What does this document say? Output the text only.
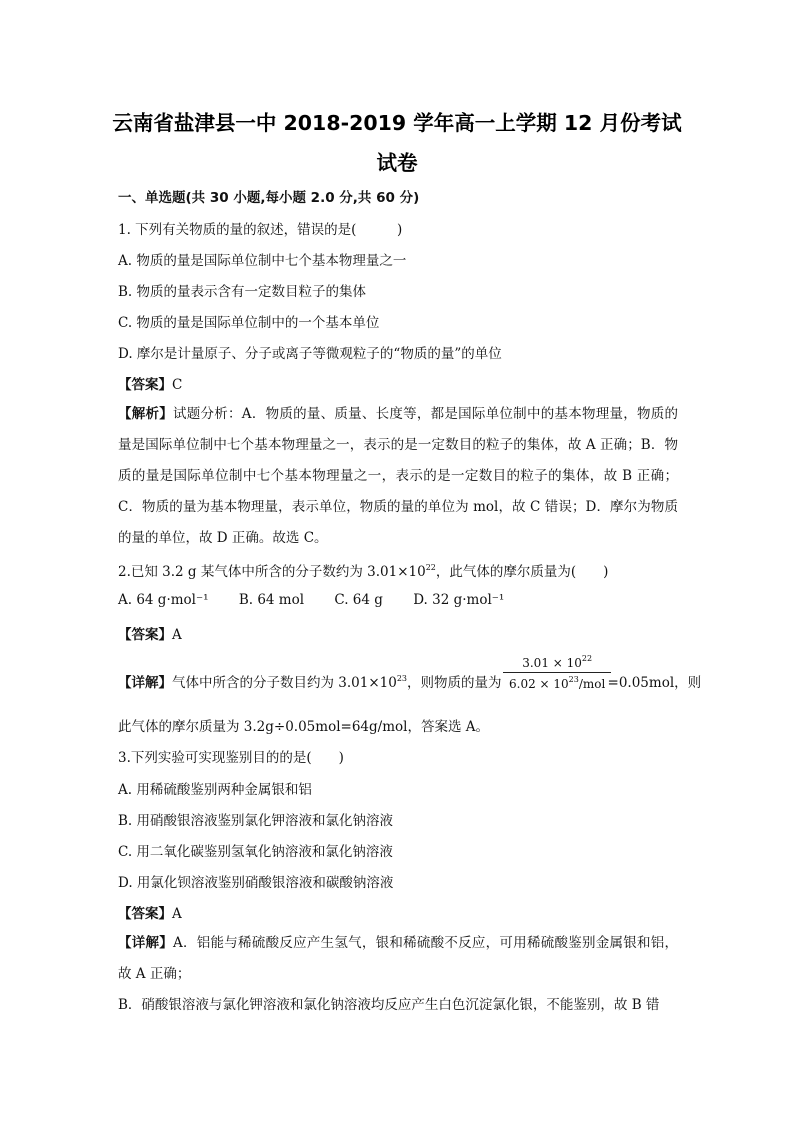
云南省盐津县一中 2018-2019 学年高一上学期 12 月份考试
试卷
一、单选题(共 30 小题,每小题 2.0 分,共 60 分)
1. 下列有关物质的量的叙述，错误的是(　　　)
A. 物质的量是国际单位制中七个基本物理量之一
B. 物质的量表示含有一定数目粒子的集体
C. 物质的量是国际单位制中的一个基本单位
D. 摩尔是计量原子、分子或离子等微观粒子的“物质的量”的单位
【答案】C
【解析】试题分析：A．物质的量、质量、长度等，都是国际单位制中的基本物理量，物质的量是国际单位制中七个基本物理量之一，表示的是一定数目的粒子的集体，故 A 正确；B．物质的量是国际单位制中七个基本物理量之一，表示的是一定数目的粒子的集体，故 B 正确；C．物质的量为基本物理量，表示单位，物质的量的单位为 mol，故 C 错误；D．摩尔为物质的量的单位，故 D 正确。故选 C。
2.已知 3.2 g 某气体中所含的分子数约为 $3.01\times 10^{22}$，此气体的摩尔质量为(　　)
A. 64 g·mol⁻¹ B. 64 mol C. 64 g D. 32 g·mol⁻¹
【答案】A
【详解】气体中所含的分子数目约为 $3.01\times 10^{23}$，则物质的量为	=0.05mol，则
$3.01 \times 10^{22}$
$6.02 \times 10^{23}$/mol
此气体的摩尔质量为 3.2g÷0.05mol=64g/mol，答案选 A。
3.下列实验可实现鉴别目的的是(　　)
A. 用稀硫酸鉴别两种金属银和铝
B. 用硝酸银溶液鉴别氯化钾溶液和氯化钠溶液
C. 用二氧化碳鉴别氢氧化钠溶液和氯化钠溶液
D. 用氯化钡溶液鉴别硝酸银溶液和碳酸钠溶液
【答案】A
【详解】A．铝能与稀硫酸反应产生氢气，银和稀硫酸不反应，可用稀硫酸鉴别金属银和铝，故 A 正确；
B．硝酸银溶液与氯化钾溶液和氯化钠溶液均反应产生白色沉淀氯化银，不能鉴别，故 B 错
